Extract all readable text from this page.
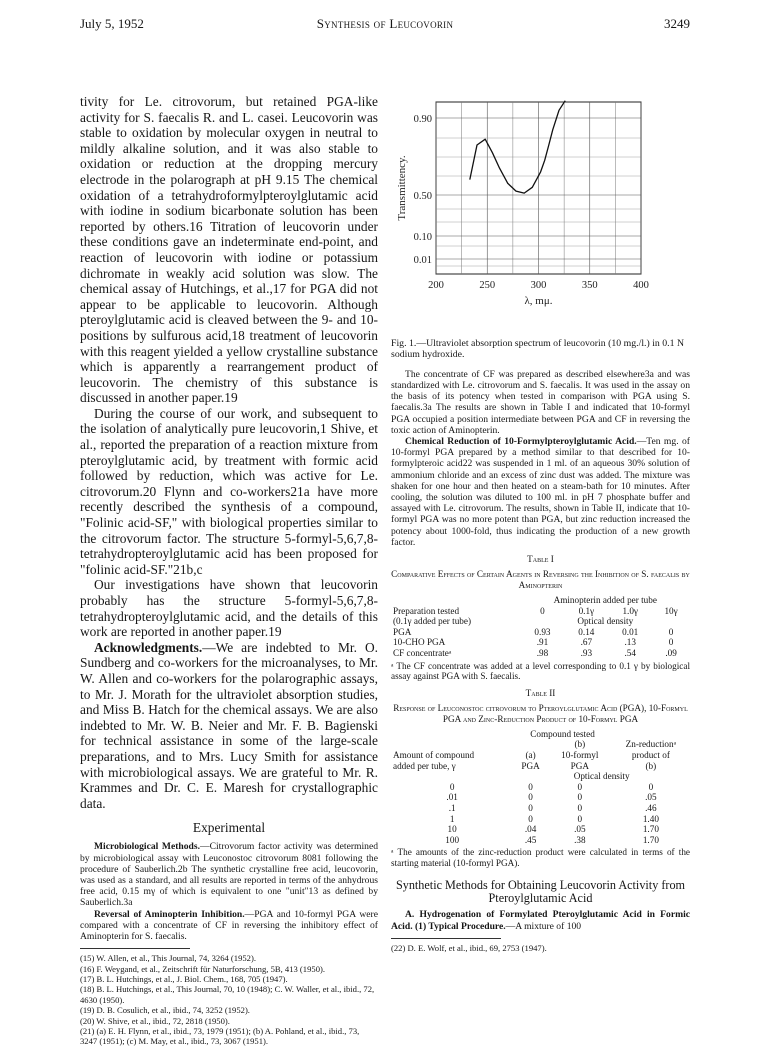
July 5, 1952	Synthesis of Leucovorin	3249

tivity for Le. citrovorum, but retained PGA-like activity for S. faecalis R. and L. casei. Leucovorin was stable to oxidation by molecular oxygen in neutral to mildly alkaline solution, and it was also stable to oxidation or reduction at the dropping mercury electrode in the polarograph at pH 9.15 The chemical oxidation of a tetrahydroformylpteroylglutamic acid with iodine in sodium bicarbonate solution has been reported by others.16 Titration of leucovorin under these conditions gave an indeterminate end-point, and reaction of leucovorin with iodine or potassium dichromate in weakly acid solution was slow. The chemical assay of Hutchings, et al.,17 for PGA did not appear to be applicable to leucovorin. Although pteroylglutamic acid is cleaved between the 9- and 10-positions by sulfurous acid,18 treatment of leucovorin with this reagent yielded a yellow crystalline substance which is apparently a rearrangement product of leucovorin. The chemistry of this substance is discussed in another paper.19

During the course of our work, and subsequent to the isolation of analytically pure leucovorin,1 Shive, et al., reported the preparation of a reaction mixture from pteroylglutamic acid, by treatment with formic acid followed by reduction, which was active for Le. citrovorum.20 Flynn and co-workers21a have more recently described the synthesis of a compound, "Folinic acid-SF," with biological properties similar to the citrovorum factor. The structure 5-formyl-5,6,7,8-tetrahydropteroylglutamic acid has been proposed for "folinic acid-SF."21b,c

Our investigations have shown that leucovorin probably has the structure 5-formyl-5,6,7,8-tetrahydropteroylglutamic acid, and the details of this work are reported in another paper.19

Acknowledgments.—We are indebted to Mr. O. Sundberg and co-workers for the microanalyses, to Mr. W. Allen and co-workers for the polarographic assays, to Mr. J. Morath for the ultraviolet absorption studies, and Miss B. Hatch for the chemical assays. We are also indebted to Mr. W. B. Neier and Mr. F. B. Bagienski for technical assistance in some of the large-scale preparations, and to Mrs. Lucy Smith for assistance with microbiological assays. We are grateful to Mr. R. Krammes and Dr. C. E. Maresh for crystallographic data.

Experimental

Microbiological Methods.—Citrovorum factor activity was determined by microbiological assay with Leuconostoc citrovorum 8081 following the procedure of Sauberlich.2b The synthetic crystalline free acid, leucovorin, was used as a standard, and all results are reported in terms of the anhydrous free acid, 0.15 mγ of which is equivalent to one "unit"13 as defined by Sauberlich.3a

Reversal of Aminopterin Inhibition.—PGA and 10-formyl PGA were compared with a concentrate of CF in reversing the inhibitory effect of Aminopterin for S. faecalis.

(15) W. Allen, et al., This Journal, 74, 3264 (1952).

(16) F. Weygand, et al., Zeitschrift für Naturforschung, 5B, 413 (1950).

(17) B. L. Hutchings, et al., J. Biol. Chem., 168, 705 (1947).

(18) B. L. Hutchings, et al., This Journal, 70, 10 (1948); C. W. Waller, et al., ibid., 72, 4630 (1950).

(19) D. B. Cosulich, et al., ibid., 74, 3252 (1952).

(20) W. Shive, et al., ibid., 72, 2818 (1950).

(21) (a) E. H. Flynn, et al., ibid., 73, 1979 (1951); (b) A. Pohland, et al., ibid., 73, 3247 (1951); (c) M. May, et al., ibid., 73, 3067 (1951).

0.90
0.50
0.10
0.01
200	250	300	350	400
λ, mμ.
Transmittency.

Fig. 1.—Ultraviolet absorption spectrum of leucovorin (10 mg./l.) in 0.1 N sodium hydroxide.

The concentrate of CF was prepared as described elsewhere3a and was standardized with Le. citrovorum and S. faecalis. It was used in the assay on the basis of its potency when tested in comparison with PGA using S. faecalis.3a The results are shown in Table I and indicated that 10-formyl PGA occupied a position intermediate between PGA and CF in reversing the toxic action of Aminopterin.

Chemical Reduction of 10-Formylpteroylglutamic Acid.—Ten mg. of 10-formyl PGA prepared by a method similar to that described for 10-formylpteroic acid22 was suspended in 1 ml. of an aqueous 30% solution of ammonium chloride and an excess of zinc dust was added. The mixture was shaken for one hour and then heated on a steam-bath for 10 minutes. After cooling, the solution was diluted to 100 ml. in pH 7 phosphate buffer and assayed with Le. citrovorum. The results, shown in Table II, indicate that 10-formyl PGA was no more potent than PGA, but zinc reduction increased the potency about 1000-fold, thus indicating the production of a new growth factor.

Table I
Comparative Effects of Certain Agents in Reversing the Inhibition of S. faecalis by Aminopterin
	Aminopterin added per tube			
Preparation tested	0	0.1γ	1.0γ	10γ
(0.1γ added per tube)	Optical density			
PGA	0.93	0.14	0.01	0
10-CHO PGA	.91	.67	.13	0
CF concentrateᵃ	.98	.93	.54	.09

ᵃ The CF concentrate was added at a level corresponding to 0.1 γ by biological assay against PGA with S. faecalis.

Table II
Response of Leuconostoc citrovorum to Pteroylglutamic Acid (PGA), 10-Formyl PGA and Zinc-Reduction Product of 10-Formyl PGA
	Compound tested		
		(b)	Zn-reductionᵃ
Amount of compound	(a)	10-formyl	product of
added per tube, γ	PGA	PGA	(b)
	Optical density		
0	0	0	0
.01	0	0	.05
.1	0	0	.46
1	0	0	1.40
10	.04	.05	1.70
100	.45	.38	1.70

ᵃ The amounts of the zinc-reduction product were calculated in terms of the starting material (10-formyl PGA).

Synthetic Methods for Obtaining Leucovorin Activity from Pteroylglutamic Acid

A. Hydrogenation of Formylated Pteroylglutamic Acid in Formic Acid. (1) Typical Procedure.—A mixture of 100

(22) D. E. Wolf, et al., ibid., 69, 2753 (1947).
